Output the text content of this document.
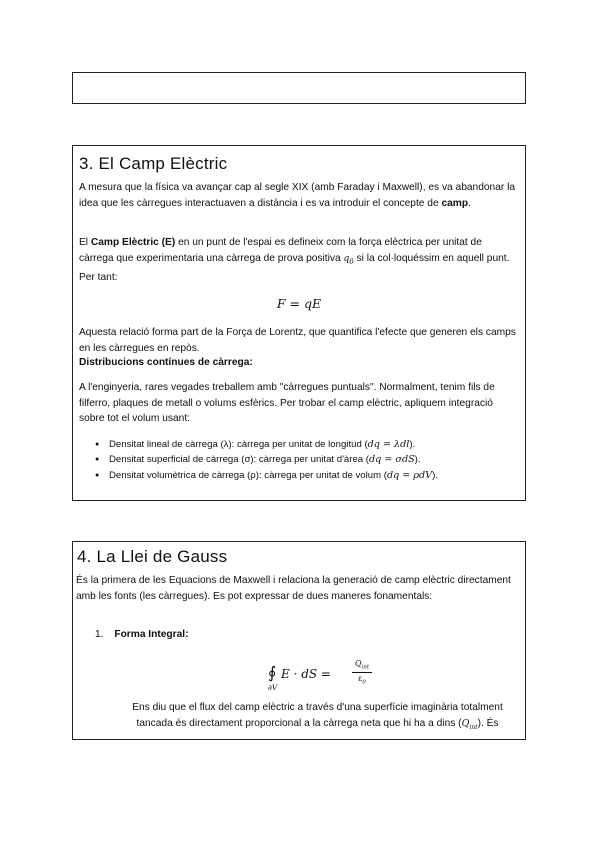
3. El Camp Elèctric

A mesura que la física va avançar cap al segle XIX (amb Faraday i Maxwell), es va abandonar la idea que les càrregues interactuaven a distància i es va introduir el concepte de camp.

El Camp Elèctric (E) en un punt de l'espai es defineix com la força elèctrica per unitat de càrrega que experimentaria una càrrega de prova positiva $q_0$ si la col·loquéssim en aquell punt. Per tant:

F = qE

Aquesta relació forma part de la Força de Lorentz, que quantifica l'efecte que generen els camps en les càrregues en repòs.

Distribucions contínues de càrrega:

A l'enginyeria, rares vegades treballem amb "càrregues puntuals". Normalment, tenim fils de filferro, plaques de metall o volums esfèrics. Per trobar el camp elèctric, apliquem integració sobre tot el volum usant:

● Densitat lineal de càrrega (λ): càrrega per unitat de longitud (dq = λdl).
● Densitat superficial de càrrega (σ): càrrega per unitat d'àrea (dq = σdS).
● Densitat volumètrica de càrrega (ρ): càrrega per unitat de volum (dq = ρdV).
4. La Llei de Gauss

És la primera de les Equacions de Maxwell i relaciona la generació de camp elèctric directament amb les fonts (les càrregues). Es pot expressar de dues maneres fonamentals:

1. Forma Integral:
∮
∂V
E · dS =
$Q_{int}$
$\varepsilon_0$

Ens diu que el flux del camp elèctric a través d'una superfície imaginària totalment tancada és directament proporcional a la càrrega neta que hi ha a dins $(Q_{int})$. És
